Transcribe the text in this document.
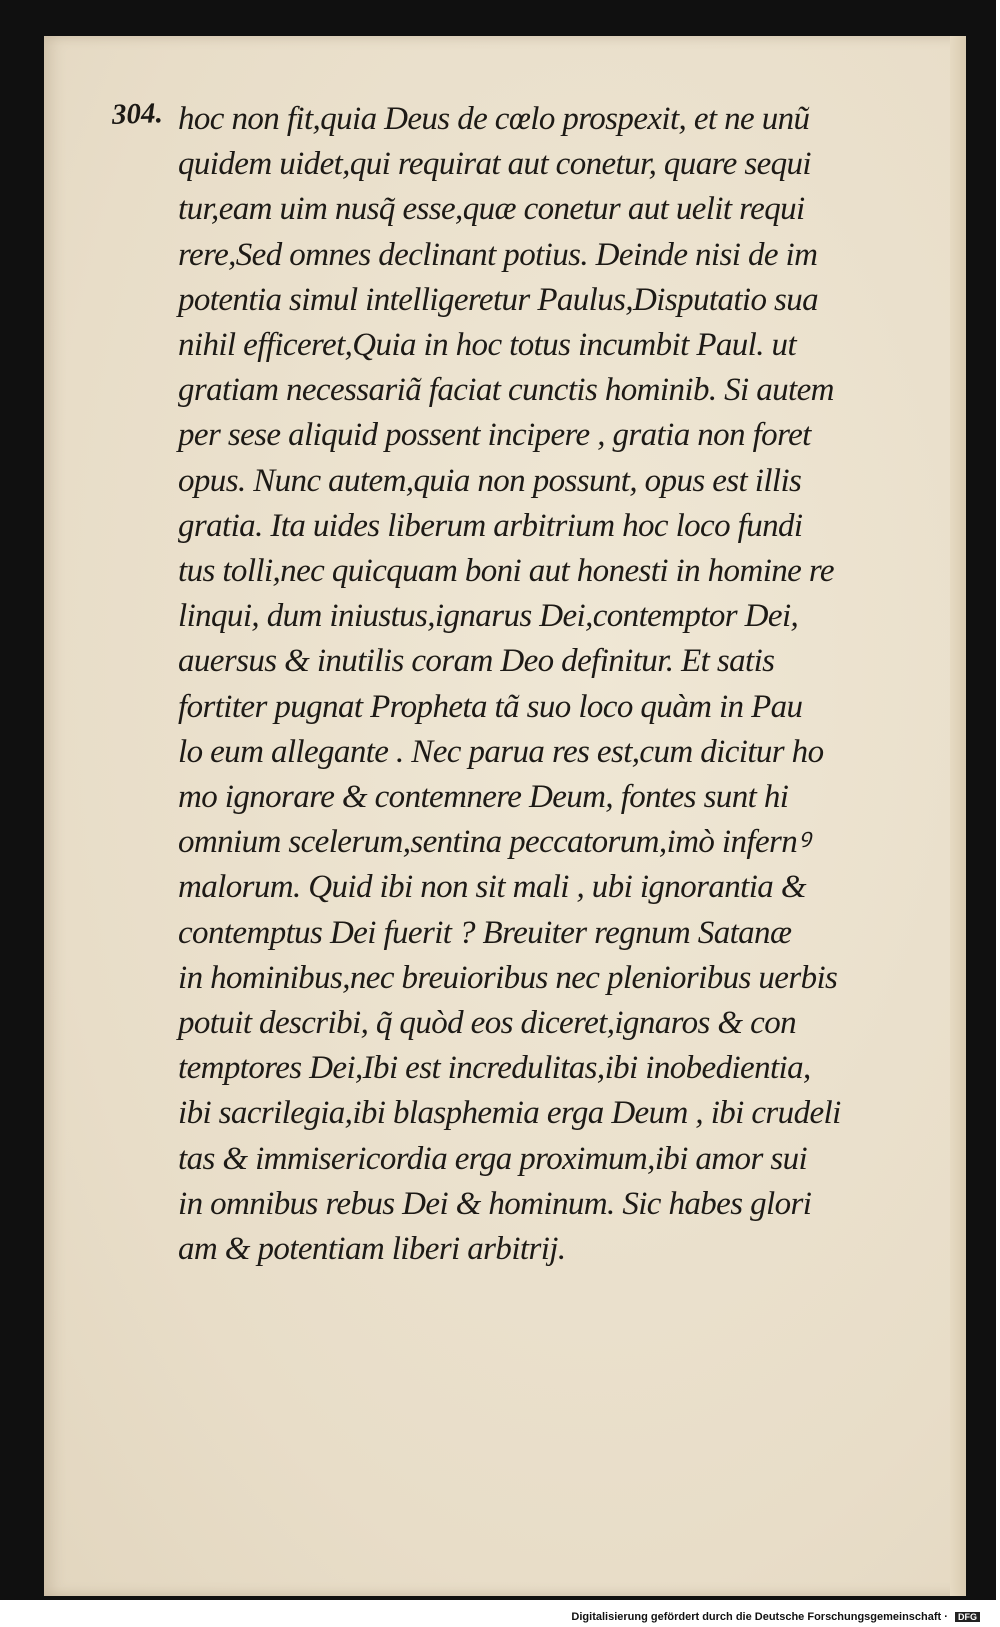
304. hoc non fit,quia Deus de cœlo prospexit, et ne unũ
quidem uidet,qui requirat aut conetur, quare sequi
tur,eam uim nusq̃ esse,quæ conetur aut uelit requi
rere,Sed omnes declinant potius. Deinde nisi de im
potentia simul intelligeretur Paulus,Disputatio sua
nihil efficeret,Quia in hoc totus incumbit Paul. ut
gratiam necessariã faciat cunctis hominib. Si autem
per sese aliquid possent incipere , gratia non foret
opus. Nunc autem,quia non possunt, opus est illis
gratia. Ita uides liberum arbitrium hoc loco fundi
tus tolli,nec quicquam boni aut honesti in homine re
linqui, dum iniustus,ignarus Dei,contemptor Dei,
auersus & inutilis coram Deo definitur. Et satis
fortiter pugnat Propheta tã suo loco quàm in Pau
lo eum allegante . Nec parua res est,cum dicitur ho
mo ignorare & contemnere Deum, fontes sunt hi
omnium scelerum,sentina peccatorum,imò infernꝰ
malorum. Quid ibi non sit mali , ubi ignorantia &
contemptus Dei fuerit ? Breuiter regnum Satanæ
in hominibus,nec breuioribus nec plenioribus uerbis
potuit describi, q̃ quòd eos diceret,ignaros & con
temptores Dei,Ibi est incredulitas,ibi inobedientia,
ibi sacrilegia,ibi blasphemia erga Deum , ibi crudeli
tas & immisericordia erga proximum,ibi amor sui
in omnibus rebus Dei & hominum. Sic habes glori
am & potentiam liberi arbitrij.
Digitalisierung gefördert durch die Deutsche Forschungsgemeinschaft · DFG
